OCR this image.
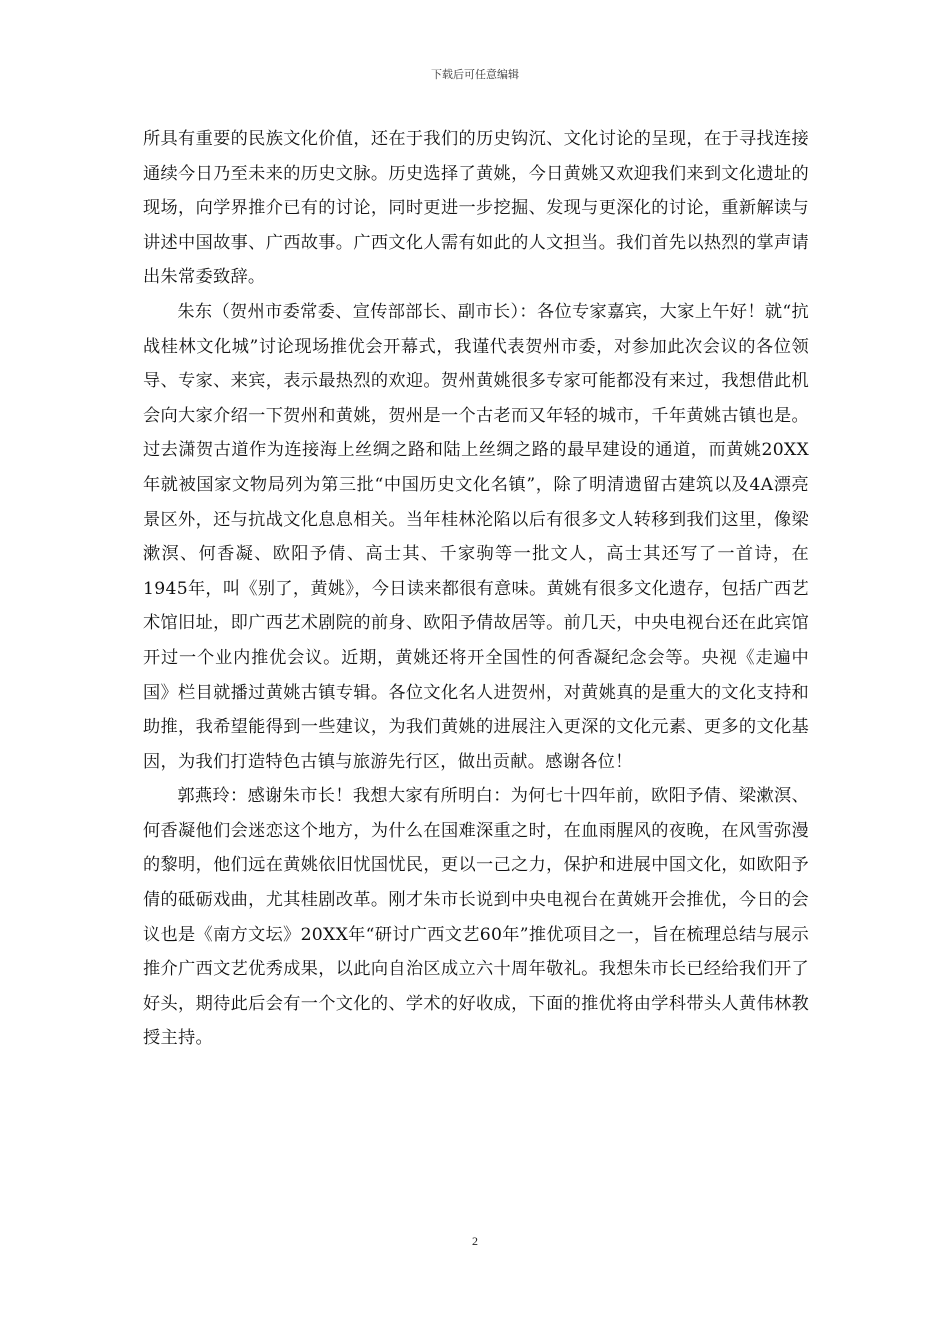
下载后可任意编辑

所具有重要的民族文化价值，还在于我们的历史钩沉、文化讨论的呈现，在于寻找连接通续今日乃至未来的历史文脉。历史选择了黄姚，今日黄姚又欢迎我们来到文化遗址的现场，向学界推介已有的讨论，同时更进一步挖掘、发现与更深化的讨论，重新解读与讲述中国故事、广西故事。广西文化人需有如此的人文担当。我们首先以热烈的掌声请出朱常委致辞。

朱东（贺州市委常委、宣传部部长、副市长）：各位专家嘉宾，大家上午好！就“抗战桂林文化城”讨论现场推优会开幕式，我谨代表贺州市委，对参加此次会议的各位领导、专家、来宾，表示最热烈的欢迎。贺州黄姚很多专家可能都没有来过，我想借此机会向大家介绍一下贺州和黄姚，贺州是一个古老而又年轻的城市，千年黄姚古镇也是。过去潇贺古道作为连接海上丝绸之路和陆上丝绸之路的最早建设的通道，而黄姚20XX年就被国家文物局列为第三批“中国历史文化名镇”，除了明清遗留古建筑以及4A漂亮景区外，还与抗战文化息息相关。当年桂林沦陷以后有很多文人转移到我们这里，像梁漱溟、何香凝、欧阳予倩、高士其、千家驹等一批文人，高士其还写了一首诗，在1945年，叫《别了，黄姚》，今日读来都很有意味。黄姚有很多文化遗存，包括广西艺术馆旧址，即广西艺术剧院的前身、欧阳予倩故居等。前几天，中央电视台还在此宾馆开过一个业内推优会议。近期，黄姚还将开全国性的何香凝纪念会等。央视《走遍中国》栏目就播过黄姚古镇专辑。各位文化名人进贺州，对黄姚真的是重大的文化支持和助推，我希望能得到一些建议，为我们黄姚的进展注入更深的文化元素、更多的文化基因，为我们打造特色古镇与旅游先行区，做出贡献。感谢各位！

郭燕玲：感谢朱市长！我想大家有所明白：为何七十四年前，欧阳予倩、梁漱溟、何香凝他们会迷恋这个地方，为什么在国难深重之时，在血雨腥风的夜晚，在风雪弥漫的黎明，他们远在黄姚依旧忧国忧民，更以一己之力，保护和进展中国文化，如欧阳予倩的砥砺戏曲，尤其桂剧改革。刚才朱市长说到中央电视台在黄姚开会推优，今日的会议也是《南方文坛》20XX年“研讨广西文艺60年”推优项目之一，旨在梳理总结与展示推介广西文艺优秀成果，以此向自治区成立六十周年敬礼。我想朱市长已经给我们开了好头，期待此后会有一个文化的、学术的好收成，下面的推优将由学科带头人黄伟林教授主持。

2
